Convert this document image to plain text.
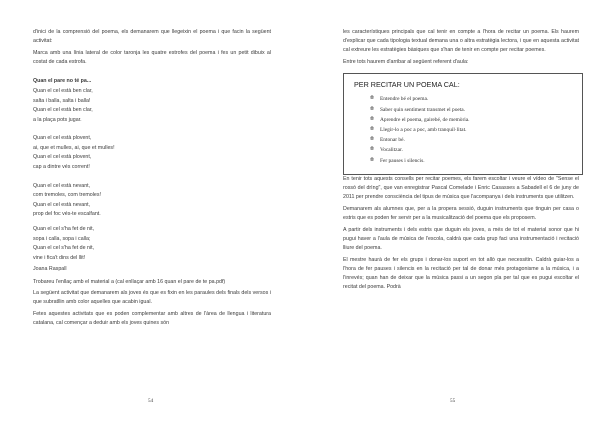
d'inici de la comprensió del poema, els demanarem que llegeixin el poema i que facin la següent activitat:

Marca amb una línia lateral de color taronja les quatre estrofes del poema i fes un petit dibuix al costat de cada estrofa.

Quan el pare no té pa...

Quan el cel està ben clar,

salta i balla, salta i balla!

Quan el cel està ben clar,

a la plaça pots jugar.

Quan el cel està plovent,

ai, que et mulles, ai, que et mulles!

Quan el cel està plovent,

cap a dintre vés corrent!

Quan el cel està nevant,

com tremoles, com tremoles!

Quan el cel està nevant,

prop del foc vés-te escalfant.

Quan el cel s'ha fet de nit,

sopa i calla, sopa i calla;

Quan el cel s'ha fet de nit,

vine i fica't dins del llit!

Joana Raspall

Trobareu l'enllaç amb el material a (cal enllaçar amb 16 quan el pare de te pa.pdf)

La següent activitat que demanarem als joves és que es fixin en les paraules dels finals dels versos i que subratllin amb color aquelles que acabin igual.

Fetes aquestes activitats que es poden complementar amb altres de l'àrea de llengua i literatura catalana, cal començar a deduir amb els joves quines són

54

les característiques principals que cal tenir en compte a l'hora de recitar un poema. Els haurem d'explicar que cada tipologia textual demana una o altra estratègia lectora, i que en aquesta activitat cal extreure les estratègies bàsiques que s'han de tenir en compte per recitar poemes.

Entre tots haurem d'arribar al següent referent d'aula:

PER RECITAR UN POEMA CAL:
⦾ Entendre bé el poema.
⦾ Saber quin sentiment transmet el poeta.
⦾ Aprendre el poema, gairebé, de memòria.
⦾ Llegir-lo a poc a poc, amb tranquil·litat.
⦾ Entonar bé.
⦾ Vocalitzar.
⦾ Fer pauses i silencis.

En tenir tots aquests consells per recitar poemes, els farem escoltar i veure el vídeo de "Sense el rossó del drìng", que van enregistrar Pascal Comelade i Enric Casasses a Sabadell el 6 de juny de 2011 per prendre consciència del tipus de música que l'acompanya i dels instruments que utilitzen.

Demanarem als alumnes que, per a la propera sessió, duguin instruments que tinguin per casa o estris que es poden fer servir per a la musicalització del poema que els proposem.

A partir dels instruments i dels estris que duguin els joves, a més de tot el material sonor que hi pugui haver a l'aula de música de l'escola, caldrà que cada grup faci una instrumentació i recitació lliure del poema.

El mestre haurà de fer els grups i donar-los suport en tot allò que necessitin. Caldrà guiar-los a l'hora de fer pauses i silencis en la recitació per tal de donar més protagonisme a la música, i a l'inrevés; quan han de deixar que la música passi a un segon pla per tal que es pugui escoltar el recitat del poema. Podrà

55
